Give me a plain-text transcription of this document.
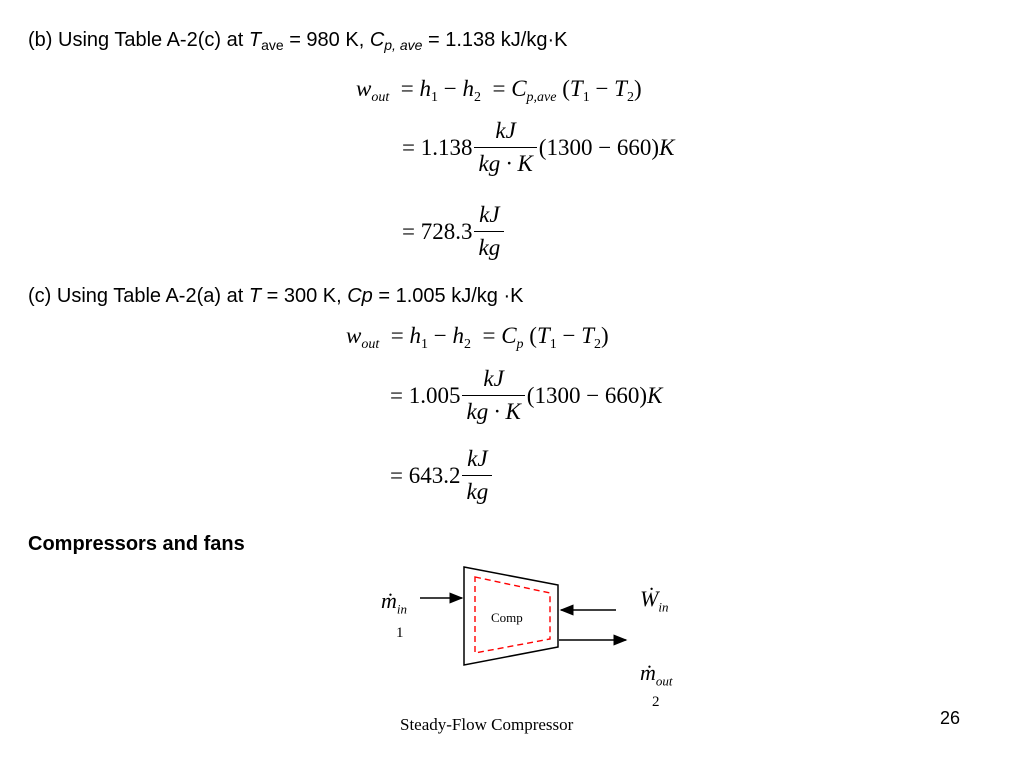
(b) Using Table A-2(c) at $T_{ave} = 980$ K, $C_{p, ave} = 1.138$ kJ/kg·K
$w_{out} = h_1 - h_2 = C_{p,ave}$ $(T_1 - T_2)$
= $1.138 \frac{kJ}{kg \cdot K} (1300 - 660)$ K
= $728.3 \frac{kJ}{kg}$
(c) Using Table A-2(a) at T = 300 K, Cp = 1.005 kJ/kg ·K
$w_{out} = h_1 - h_2 = C_p$ $(T_1 - T_2)$
= $1.005 \frac{kJ}{kg \cdot K} (1300 - 660)$ K
= $643.2 \frac{kJ}{kg}$
Compressors and fans
Comp
ṁ$_{in}$
1
Ẇ$_{in}$
ṁ$_{out}$
2
Steady-Flow Compressor	26
